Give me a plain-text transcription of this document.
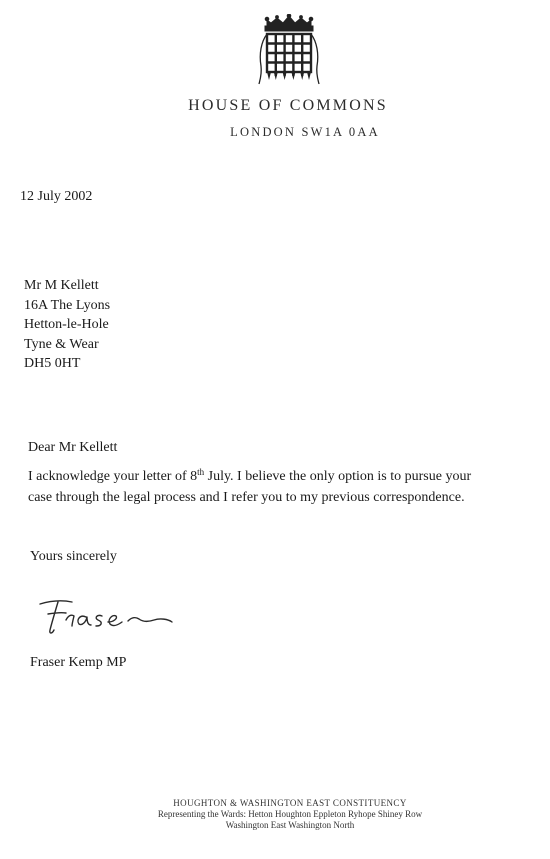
HOUSE OF COMMONS
LONDON SW1A 0AA
12 July 2002
Mr M Kellett
16A The Lyons
Hetton-le-Hole
Tyne & Wear
DH5 0HT
Dear Mr Kellett
I acknowledge your letter of 8th July. I believe the only option is to pursue your
case through the legal process and I refer you to my previous correspondence.
Yours sincerely
Fraser Kemp MP
HOUGHTON & WASHINGTON EAST CONSTITUENCY
Representing the Wards: Hetton Houghton Eppleton Ryhope Shiney Row
Washington East Washington North
